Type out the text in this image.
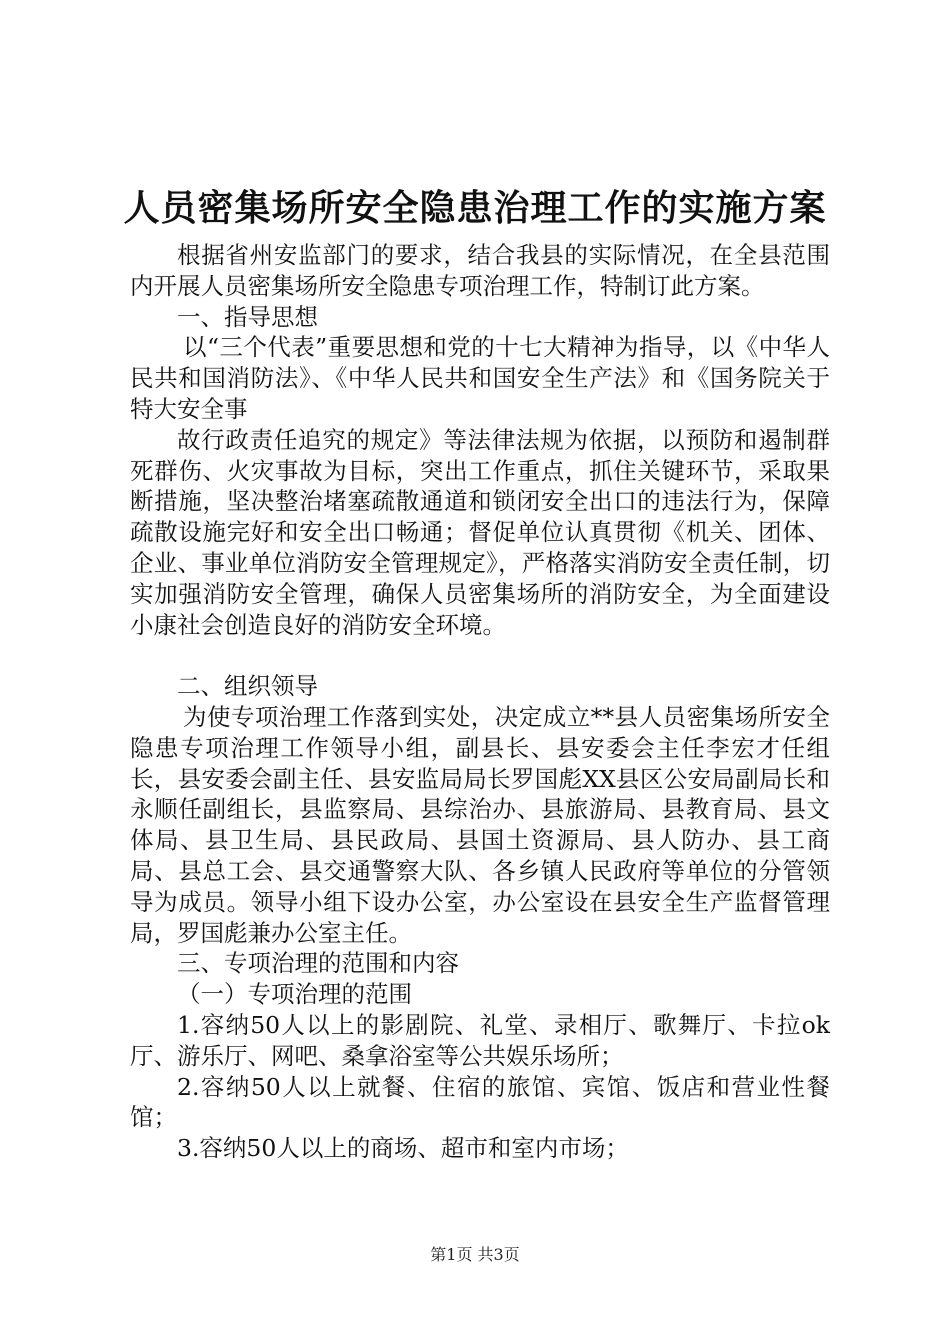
人员密集场所安全隐患治理工作的实施方案

根据省州安监部门的要求，结合我县的实际情况，在全县范围内开展人员密集场所安全隐患专项治理工作，特制订此方案。

一、指导思想

以“三个代表”重要思想和党的十七大精神为指导，以《中华人民共和国消防法》、《中华人民共和国安全生产法》和《国务院关于特大安全事

故行政责任追究的规定》等法律法规为依据，以预防和遏制群死群伤、火灾事故为目标，突出工作重点，抓住关键环节，采取果断措施，坚决整治堵塞疏散通道和锁闭安全出口的违法行为，保障疏散设施完好和安全出口畅通；督促单位认真贯彻《机关、团体、企业、事业单位消防安全管理规定》，严格落实消防安全责任制，切实加强消防安全管理，确保人员密集场所的消防安全，为全面建设小康社会创造良好的消防安全环境。

二、组织领导

为使专项治理工作落到实处，决定成立**县人员密集场所安全隐患专项治理工作领导小组，副县长、县安委会主任李宏才任组长，县安委会副主任、县安监局局长罗国彪XX县区公安局副局长和永顺任副组长，县监察局、县综治办、县旅游局、县教育局、县文体局、县卫生局、县民政局、县国土资源局、县人防办、县工商局、县总工会、县交通警察大队、各乡镇人民政府等单位的分管领导为成员。领导小组下设办公室，办公室设在县安全生产监督管理局，罗国彪兼办公室主任。

三、专项治理的范围和内容

（一）专项治理的范围

1.容纳50人以上的影剧院、礼堂、录相厅、歌舞厅、卡拉ok厅、游乐厅、网吧、桑拿浴室等公共娱乐场所；

2.容纳50人以上就餐、住宿的旅馆、宾馆、饭店和营业性餐馆；

3.容纳50人以上的商场、超市和室内市场；

第1页 共3页
